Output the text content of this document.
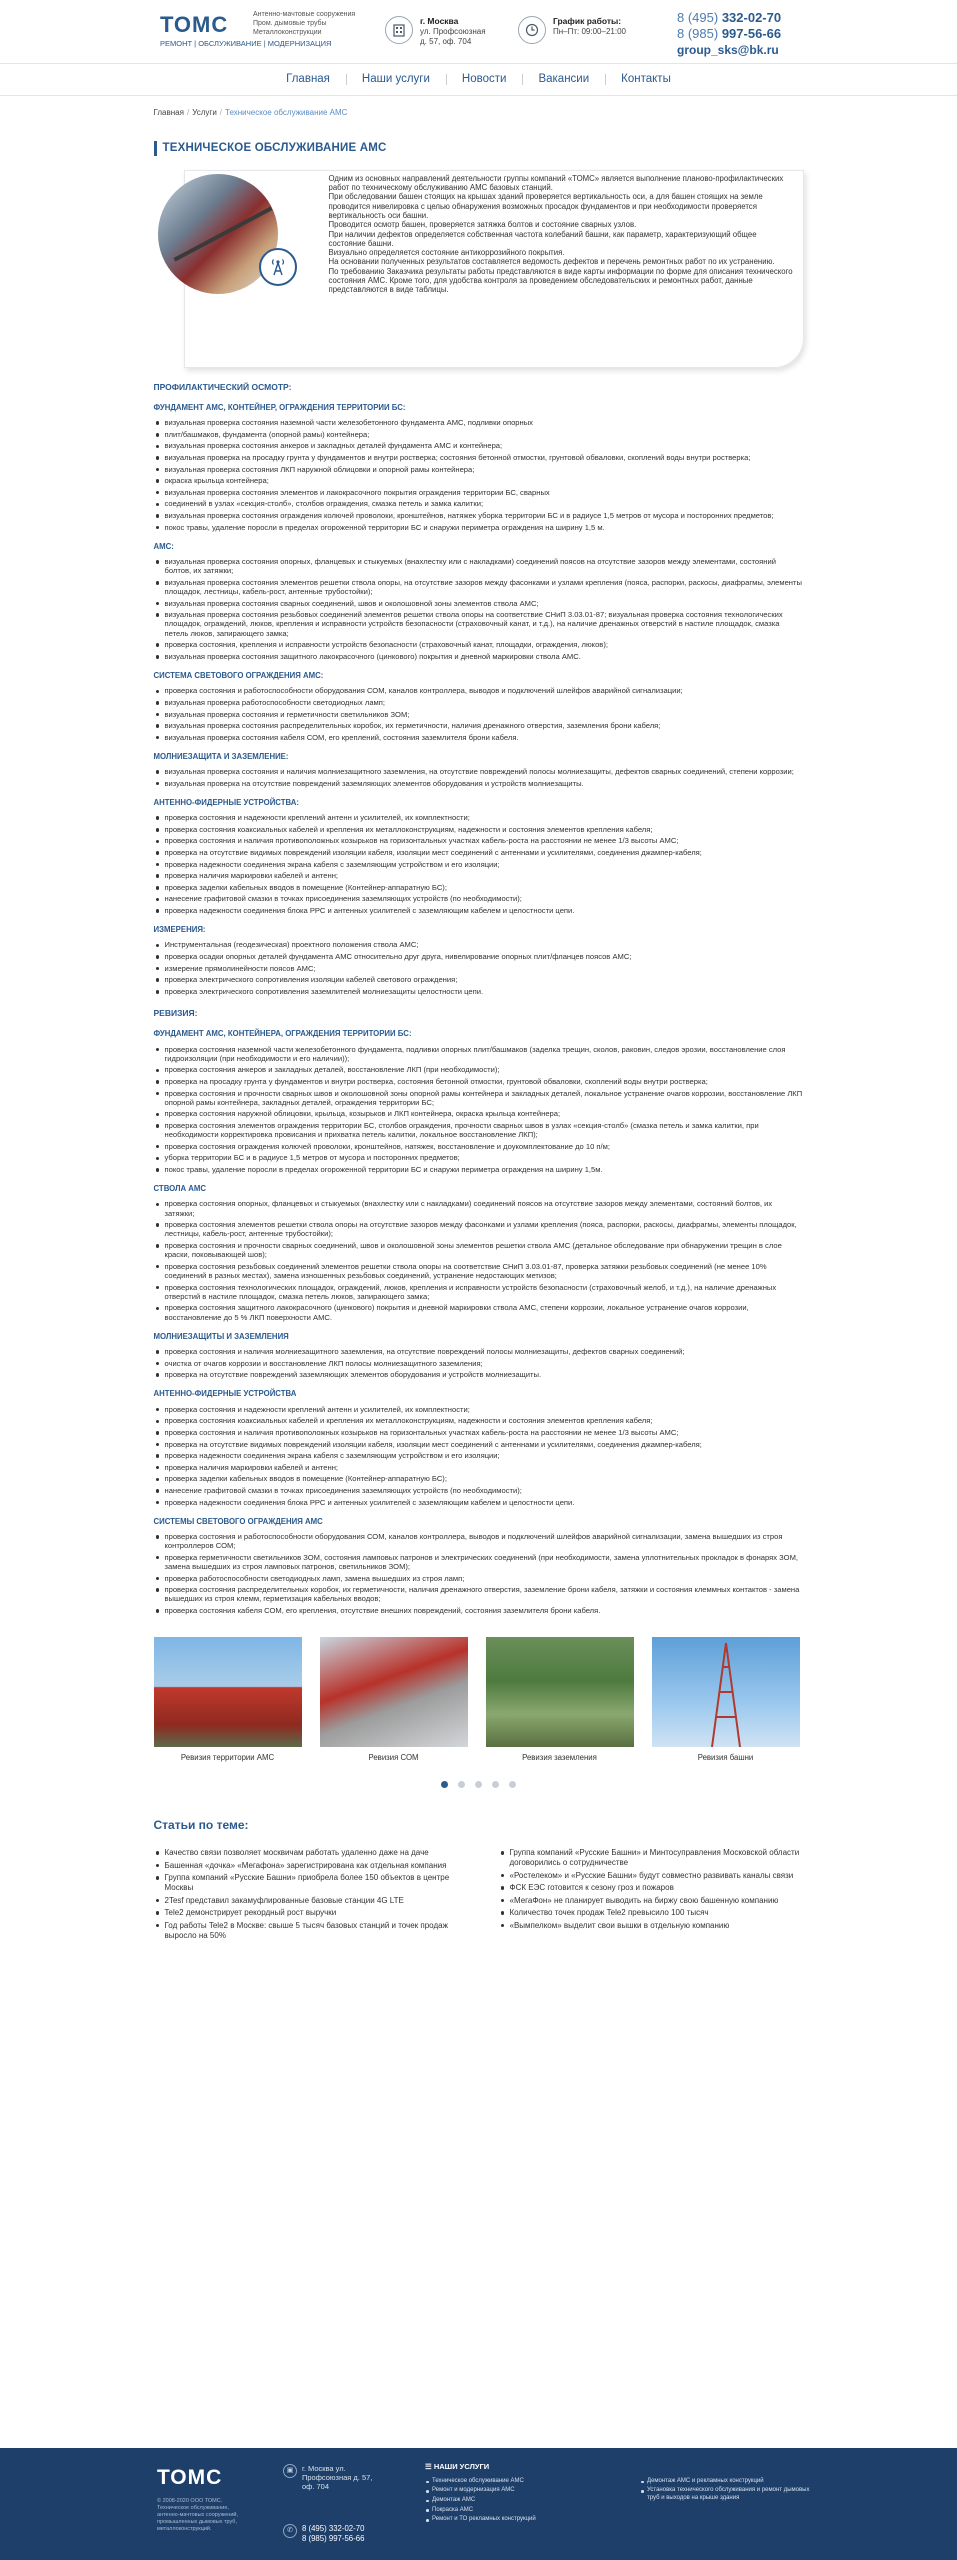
ТОМС
РЕМОНТ | ОБСЛУЖИВАНИЕ | МОДЕРНИЗАЦИЯ
Антенно-мачтовые сооружения
Пром. дымовые трубы
Металлоконструкции
г. Москва
ул. Профсоюзная
д. 57, оф. 704
График работы:
Пн–Пт: 09:00–21:00
8 (495) 332-02-70
8 (985) 997-56-66
group_sks@bk.ru
Главная	Наши услуги	Новости	Вакансии	Контакты
Главная / Услуги / Техническое обслуживание АМС
ТЕХНИЧЕСКОЕ ОБСЛУЖИВАНИЕ АМС
Одним из основных направлений деятельности группы компаний «ТОМС» является выполнение планово-профилактических работ по техническому обслуживанию АМС базовых станций.
При обследовании башен стоящих на крышах зданий проверяется вертикальность оси, а для башен стоящих на земле проводится нивелировка с целью обнаружения возможных просадок фундаментов и при необходимости проверяется вертикальность оси башни.
Проводится осмотр башен, проверяется затяжка болтов и состояние сварных узлов.
При наличии дефектов определяется собственная частота колебаний башни, как параметр, характеризующий общее состояние башни.
Визуально определяется состояние антикоррозийного покрытия.
На основании полученных результатов составляется ведомость дефектов и перечень ремонтных работ по их устранению.
По требованию Заказчика результаты работы представляются в виде карты информации по форме для описания технического состояния АМС. Кроме того, для удобства контроля за проведением обследовательских и ремонтных работ, данные представляются в виде таблицы.
ПРОФИЛАКТИЧЕСКИЙ ОСМОТР:
ФУНДАМЕНТ АМС, КОНТЕЙНЕР, ОГРАЖДЕНИЯ ТЕРРИТОРИИ БС:
визуальная проверка состояния наземной части железобетонного фундамента АМС, подливки опорных
плит/башмаков, фундамента (опорной рамы) контейнера;
визуальная проверка состояния анкеров и закладных деталей фундамента АМС и контейнера;
визуальная проверка на просадку грунта у фундаментов и внутри ростверка; состояния бетонной отмостки, грунтовой обваловки, скоплений воды внутри ростверка;
визуальная проверка состояния ЛКП наружной облицовки и опорной рамы контейнера;
окраска крыльца контейнера;
визуальная проверка состояния элементов и лакокрасочного покрытия ограждения территории БС, сварных
соединений в узлах «секция-столб», столбов ограждения, смазка петель и замка калитки;
визуальная проверка состояния ограждения колючей проволоки, кронштейнов, натяжек уборка территории БС и в радиусе 1,5 метров от мусора и посторонних предметов;
покос травы, удаление поросли в пределах огороженной территории БС и снаружи периметра ограждения на ширину 1,5 м.
АМС:
визуальная проверка состояния опорных, фланцевых и стыкуемых (внахлестку или с накладками) соединений поясов на отсутствие зазоров между элементами, состояний болтов, их затяжки;
визуальная проверка состояния элементов решетки ствола опоры, на отсутствие зазоров между фасонками и узлами крепления (пояса, распорки, раскосы, диафрагмы, элементы площадок, лестницы, кабель-рост, антенные трубостойки);
визуальная проверка состояния сварных соединений, швов и околошовной зоны элементов ствола АМС;
визуальная проверка состояния резьбовых соединений элементов решетки ствола опоры на соответствие СНиП 3.03.01-87; визуальная проверка состояния технологических площадок, ограждений, люков, крепления и исправности устройств безопасности (страховочный канат, и т.д.), на наличие дренажных отверстий в настиле площадок, смазка петель люков, запирающего замка;
проверка состояния, крепления и исправности устройств безопасности (страховочный канат, площадки, ограждения, люков);
визуальная проверка состояния защитного лакокрасочного (цинкового) покрытия и дневной маркировки ствола АМС.
СИСТЕМА СВЕТОВОГО ОГРАЖДЕНИЯ АМС:
проверка состояния и работоспособности оборудования СОМ, каналов контроллера, выводов и подключений шлейфов аварийной сигнализации;
визуальная проверка работоспособности светодиодных ламп;
визуальная проверка состояния и герметичности светильников ЗОМ;
визуальная проверка состояния распределительных коробок, их герметичности, наличия дренажного отверстия, заземления брони кабеля;
визуальная проверка состояния кабеля СОМ, его креплений, состояния заземлителя брони кабеля.
МОЛНИЕЗАЩИТА И ЗАЗЕМЛЕНИЕ:
визуальная проверка состояния и наличия молниезащитного заземления, на отсутствие повреждений полосы молниезащиты, дефектов сварных соединений, степени коррозии;
визуальная проверка на отсутствие повреждений заземляющих элементов оборудования и устройств молниезащиты.
АНТЕННО-ФИДЕРНЫЕ УСТРОЙСТВА:
проверка состояния и надежности креплений антенн и усилителей, их комплектности;
проверка состояния коаксиальных кабелей и крепления их металлоконструкциям, надежности и состояния элементов крепления кабеля;
проверка состояния и наличия противоположных козырьков на горизонтальных участках кабель-роста на расстоянии не менее 1/3 высоты АМС;
проверка на отсутствие видимых повреждений изоляции кабеля, изоляции мест соединений с антеннами и усилителями, соединения джампер-кабеля;
проверка надежности соединения экрана кабеля с заземляющим устройством и его изоляции;
проверка наличия маркировки кабелей и антенн;
проверка заделки кабельных вводов в помещение (Контейнер-аппаратную БС);
нанесение графитовой смазки в точках присоединения заземляющих устройств (по необходимости);
проверка надежности соединения блока РРС и антенных усилителей с заземляющим кабелем и целостности цепи.
ИЗМЕРЕНИЯ:
Инструментальная (геодезическая) проектного положения ствола АМС;
проверка осадки опорных деталей фундамента АМС относительно друг друга, нивелирование опорных плит/фланцев поясов АМС;
измерение прямолинейности поясов АМС;
проверка электрического сопротивления изоляции кабелей светового ограждения;
проверка электрического сопротивления заземлителей молниезащиты целостности цепи.
РЕВИЗИЯ:
ФУНДАМЕНТ АМС, КОНТЕЙНЕРА, ОГРАЖДЕНИЯ ТЕРРИТОРИИ БС:
проверка состояния наземной части железобетонного фундамента, подливки опорных плит/башмаков (заделка трещин, сколов, раковин, следов эрозии, восстановление слоя гидроизоляции (при необходимости и его наличии));
проверка состояния анкеров и закладных деталей, восстановление ЛКП (при необходимости);
проверка на просадку грунта у фундаментов и внутри ростверка, состояния бетонной отмостки, грунтовой обваловки, скоплений воды внутри ростверка;
проверка состояния и прочности сварных швов и околошовной зоны опорной рамы контейнера и закладных деталей, локальное устранение очагов коррозии, восстановление ЛКП опорной рамы контейнера, закладных деталей, ограждения территории БС;
проверка состояния наружной облицовки, крыльца, козырьков и ЛКП контейнера, окраска крыльца контейнера;
проверка состояния элементов ограждения территории БС, столбов ограждения, прочности сварных швов в узлах «секция-столб» (смазка петель и замка калитки, при необходимости корректировка провисания и прихватка петель калитки, локальное восстановление ЛКП);
проверка состояния ограждения колючей проволоки, кронштейнов, натяжек, восстановление и доукомплектование до 10 п/м;
уборка территории БС и в радиусе 1,5 метров от мусора и посторонних предметов;
покос травы, удаление поросли в пределах огороженной территории БС и снаружи периметра ограждения на ширину 1,5м.
СТВОЛА АМС
проверка состояния опорных, фланцевых и стыкуемых (внахлестку или с накладками) соединений поясов на отсутствие зазоров между элементами, состояний болтов, их затяжки;
проверка состояния элементов решетки ствола опоры на отсутствие зазоров между фасонками и узлами крепления (пояса, распорки, раскосы, диафрагмы, элементы площадок, лестницы, кабель-рост, антенные трубостойки);
проверка состояния и прочности сварных соединений, швов и околошовной зоны элементов решетки ствола АМС (детальное обследование при обнаружении трещин в слое краски, поковывающей шов);
проверка состояния резьбовых соединений элементов решетки ствола опоры на соответствие СНиП 3.03.01-87, проверка затяжки резьбовых соединений (не менее 10% соединений в разных местах), замена изношенных резьбовых соединений, устранение недостающих метизов;
проверка состояния технологических площадок, ограждений, люков, крепления и исправности устройств безопасности (страховочный желоб, и т.д.), на наличие дренажных отверстий в настиле площадок, смазка петель люков, запирающего замка;
проверка состояния защитного лакокрасочного (цинкового) покрытия и дневной маркировки ствола АМС, степени коррозии, локальное устранение очагов коррозии, восстановление до 5 % ЛКП поверхности АМС.
МОЛНИЕЗАЩИТЫ И ЗАЗЕМЛЕНИЯ
проверка состояния и наличия молниезащитного заземления, на отсутствие повреждений полосы молниезащиты, дефектов сварных соединений;
очистка от очагов коррозии и восстановление ЛКП полосы молниезащитного заземления;
проверка на отсутствие повреждений заземляющих элементов оборудования и устройств молниезащиты.
АНТЕННО-ФИДЕРНЫЕ УСТРОЙСТВА
проверка состояния и надежности креплений антенн и усилителей, их комплектности;
проверка состояния коаксиальных кабелей и крепления их металлоконструкциям, надежности и состояния элементов крепления кабеля;
проверка состояния и наличия противоположных козырьков на горизонтальных участках кабель-роста на расстоянии не менее 1/3 высоты АМС;
проверка на отсутствие видимых повреждений изоляции кабеля, изоляции мест соединений с антеннами и усилителями, соединения джампер-кабеля;
проверка надежности соединения экрана кабеля с заземляющим устройством и его изоляции;
проверка наличия маркировки кабелей и антенн;
проверка заделки кабельных вводов в помещение (Контейнер-аппаратную БС);
нанесение графитовой смазки в точках присоединения заземляющих устройств (по необходимости);
проверка надежности соединения блока РРС и антенных усилителей с заземляющим кабелем и целостности цепи.
СИСТЕМЫ СВЕТОВОГО ОГРАЖДЕНИЯ АМС
проверка состояния и работоспособности оборудования СОМ, каналов контроллера, выводов и подключений шлейфов аварийной сигнализации, замена вышедших из строя контроллеров СОМ;
проверка герметичности светильников ЗОМ, состояния ламповых патронов и электрических соединений (при необходимости, замена уплотнительных прокладок в фонарях ЗОМ, замена вышедших из строя ламповых патронов, светильников ЗОМ);
проверка работоспособности светодиодных ламп, замена вышедших из строя ламп;
проверка состояния распределительных коробок, их герметичности, наличия дренажного отверстия, заземление брони кабеля, затяжки и состояния клеммных контактов - замена вышедших из строя клемм, герметизация кабельных вводов;
проверка состояния кабеля СОМ, его крепления, отсутствие внешних повреждений, состояния заземлителя брони кабеля.
Ревизия территории АМС	Ревизия СОМ	Ревизия заземления	Ревизия башни
Статьи по теме:
Качество связи позволяет москвичам работать удаленно даже на даче
Башенная «дочка» «Мегафона» зарегистрирована как отдельная компания
Группа компаний «Русские Башни» приобрела более 150 объектов в центре Москвы
2Tesf представил закамуфлированные базовые станции 4G LTE
Tele2 демонстрирует рекордный рост выручки
Год работы Tele2 в Москве: свыше 5 тысяч базовых станций и точек продаж выросло на 50%
Группа компаний «Русские Башни» и Минтосуправления Московской области договорились о сотрудничестве
«Ростелеком» и «Русские Башни» будут совместно развивать каналы связи
ФСК ЕЭС готовится к сезону гроз и пожаров
«МегаФон» не планирует выводить на биржу свою башенную компанию
Количество точек продаж Tele2 превысило 100 тысяч
«Вымпелком» выделит свои вышки в отдельную компанию
ТОМС
© 2008-2020 ООО ТОМС. Техническое обслуживание, антенно-мачтовых сооружений, промышленных дымовых труб, металлоконструкций.
▣	г. Москва ул. Профсоюзная д. 57, оф. 704
✆	8 (495) 332-02-70
8 (985) 997-56-66
☰ НАШИ УСЛУГИ
Техническое обслуживание АМС
Ремонт и модернизация АМС
Демонтаж АМС
Покраска АМС
Ремонт и ТО рекламных конструкций
Демонтаж АМС и рекламных конструкций
Установка технического обслуживания и ремонт дымовых труб и выходов на крыше здания
